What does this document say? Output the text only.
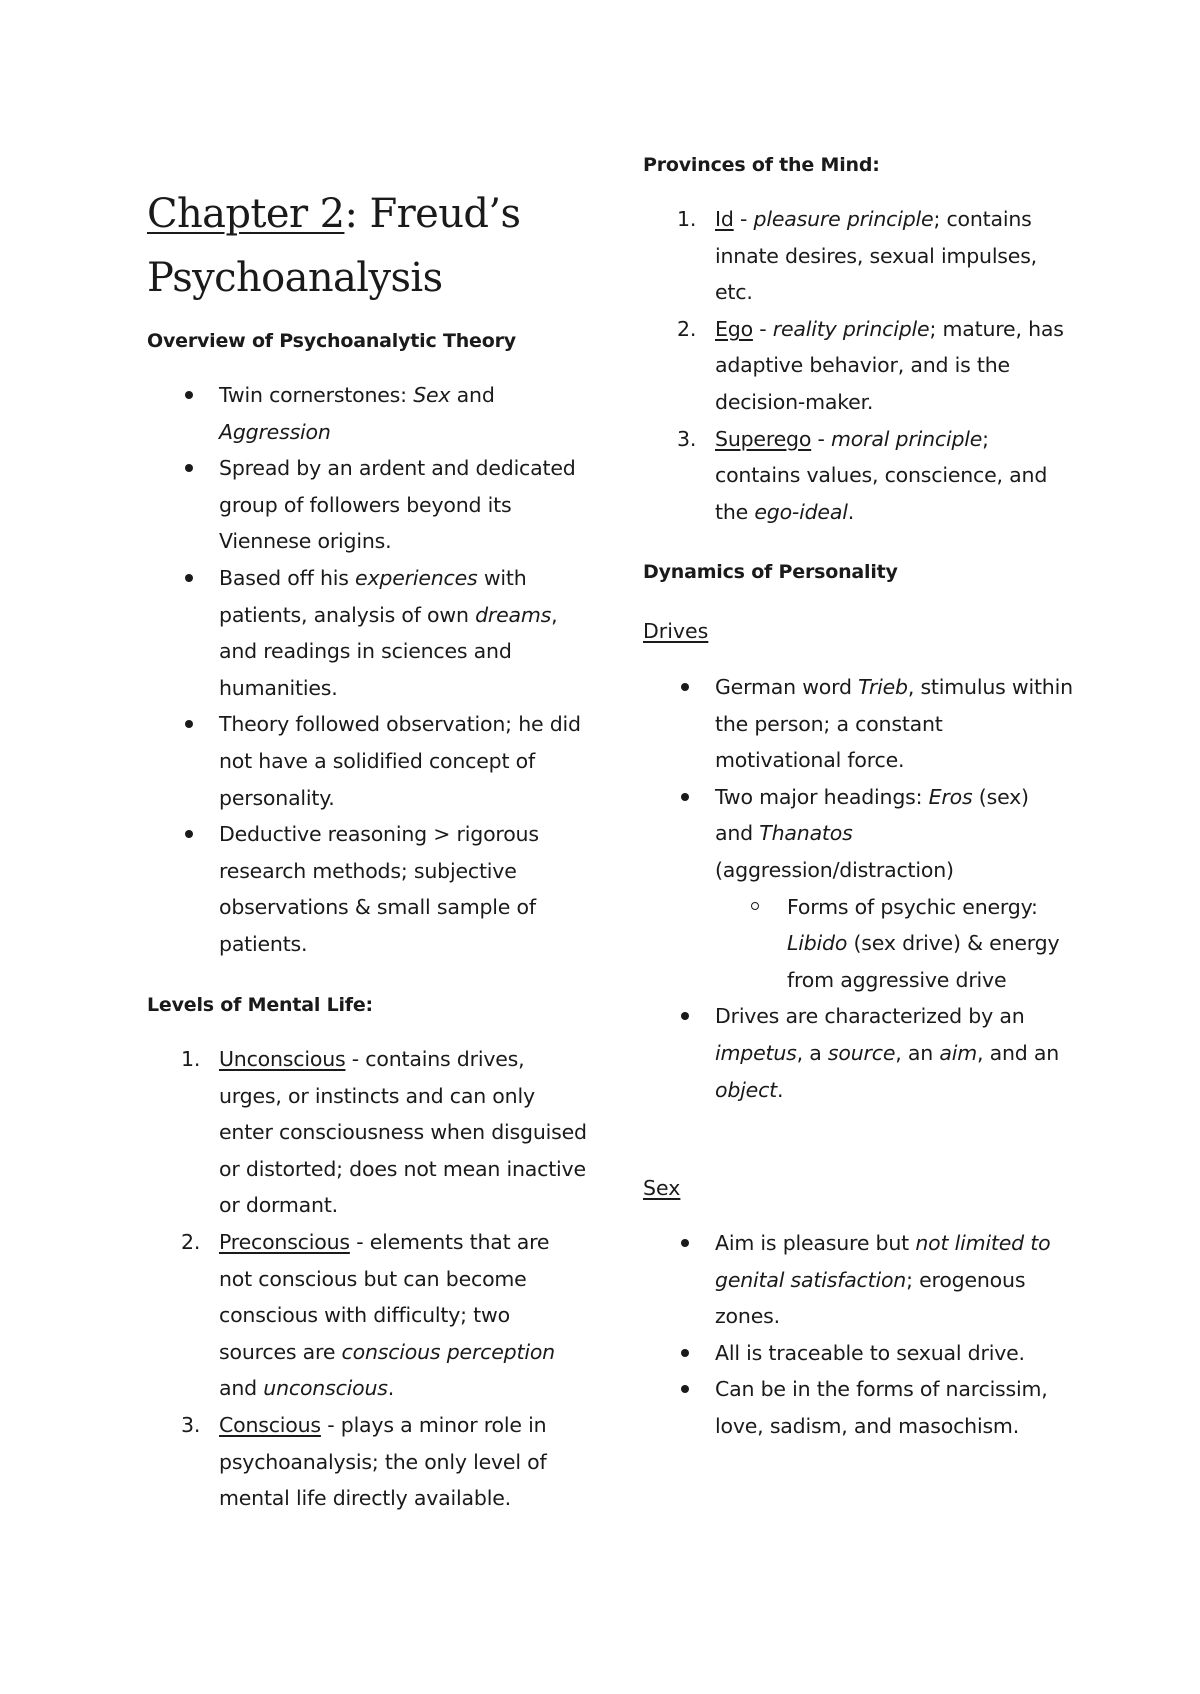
Chapter 2: Freud’s Psychoanalysis
Overview of Psychoanalytic Theory
Twin cornerstones: Sex and Aggression
Spread by an ardent and dedicated group of followers beyond its Viennese origins.
Based off his experiences with patients, analysis of own dreams, and readings in sciences and humanities.
Theory followed observation; he did not have a solidified concept of personality.
Deductive reasoning > rigorous research methods; subjective observations & small sample of patients.
Levels of Mental Life:
1. Unconscious - contains drives, urges, or instincts and can only enter consciousness when disguised or distorted; does not mean inactive or dormant.
2. Preconscious - elements that are not conscious but can become conscious with difficulty; two sources are conscious perception and unconscious.
3. Conscious - plays a minor role in psychoanalysis; the only level of mental life directly available.
Provinces of the Mind:
1. Id - pleasure principle; contains innate desires, sexual impulses, etc.
2. Ego - reality principle; mature, has adaptive behavior, and is the decision-maker.
3. Superego - moral principle; contains values, conscience, and the ego-ideal.
Dynamics of Personality
Drives
German word Trieb, stimulus within the person; a constant motivational force.
Two major headings: Eros (sex) and Thanatos (aggression/distraction)
Forms of psychic energy: Libido (sex drive) & energy from aggressive drive
Drives are characterized by an impetus, a source, an aim, and an object.
Sex
Aim is pleasure but not limited to genital satisfaction; erogenous zones.
All is traceable to sexual drive.
Can be in the forms of narcissim, love, sadism, and masochism.
